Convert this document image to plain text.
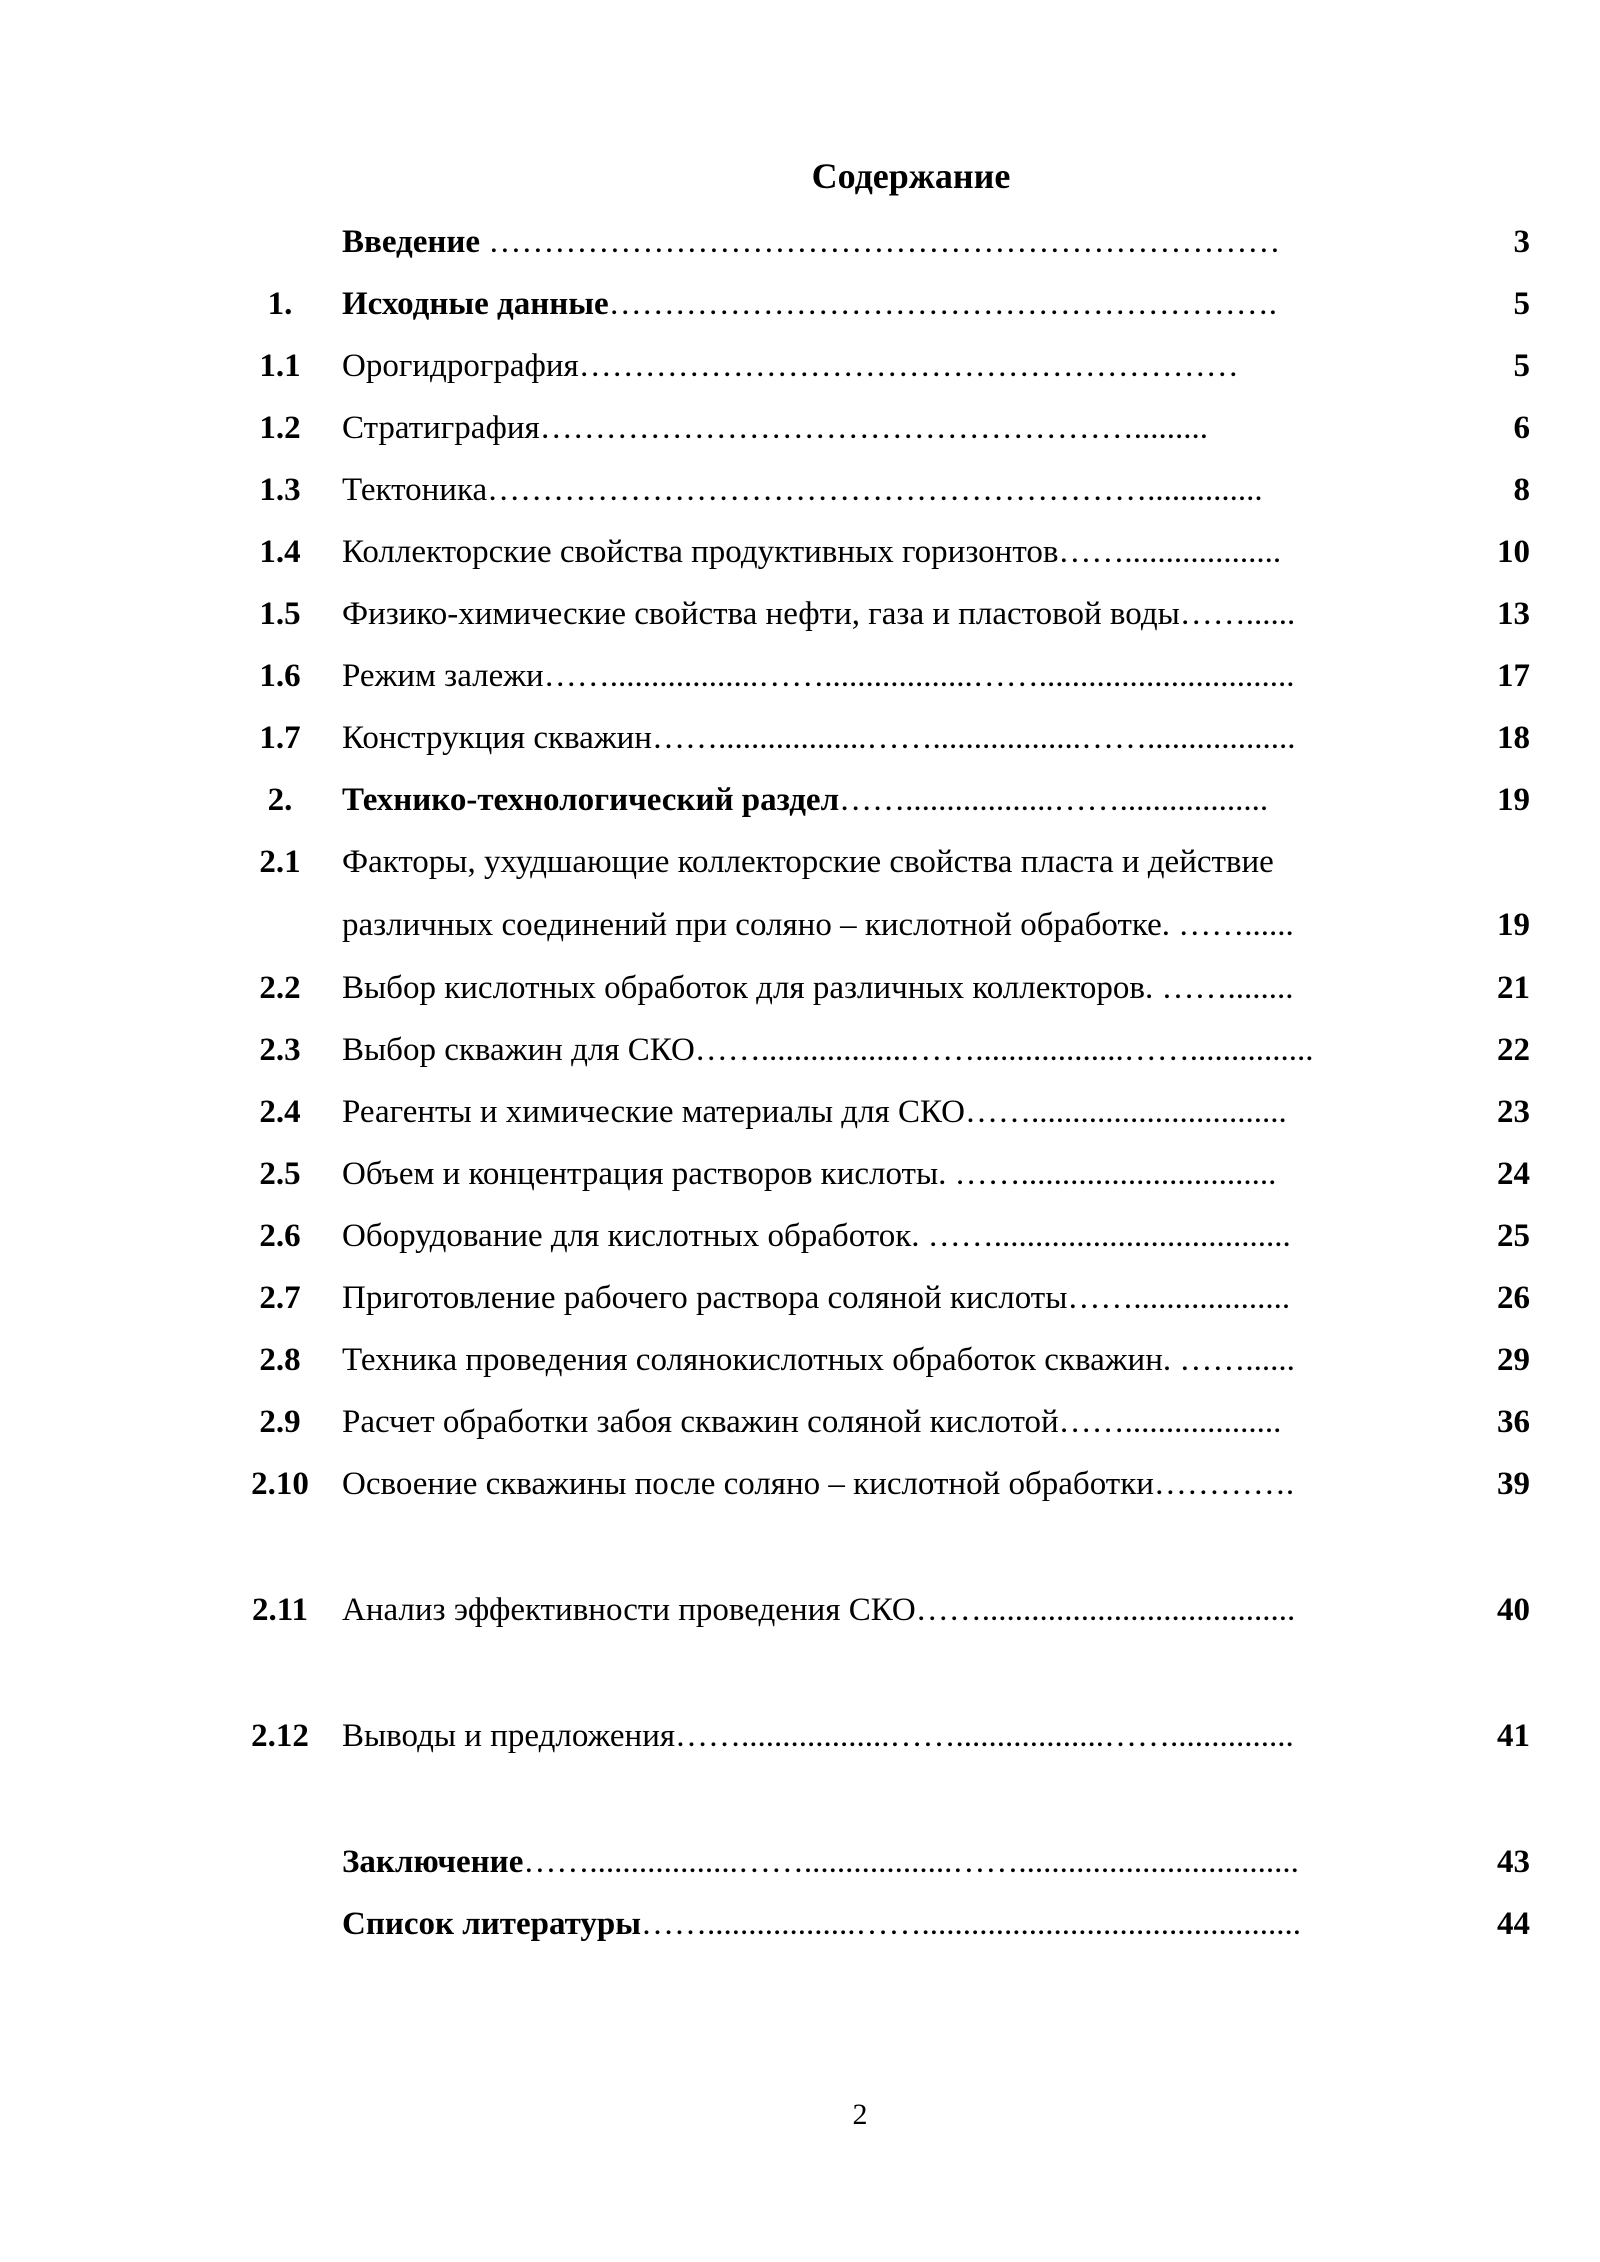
Содержание
Введение ………………………………………………………………	3
1.	Исходные данные…………………………………………………….	5
1.1	Орогидрография……………………………………………………	5
1.2	Стратиграфия……………………………………………….........	6
1.3	Тектоника……………………………………………………..............	8
1.4	Коллекторские свойства продуктивных горизонтов……...................	10
1.5	Физико-химические свойства нефти, газа и пластовой воды……......	13
1.6	Режим залежи……..................……..................……...............................	17
1.7	Конструкция скважин……..................……..................……..................	18
2.	Технико-технологический раздел……..................……..................	19
2.1	Факторы, ухудшающие коллекторские свойства пласта и действие различных соединений при соляно – кислотной обработке. ……......	19
2.2	Выбор кислотных обработок для различных коллекторов. ……........	21
2.3	Выбор скважин для СКО……..................……..................……...............	22
2.4	Реагенты и химические материалы для СКО……...............................	23
2.5	Объем и концентрация растворов кислоты. ……...............................	24
2.6	Оборудование для кислотных обработок. ……....................................	25
2.7	Приготовление рабочего раствора соляной кислоты……...................	26
2.8	Техника проведения солянокислотных обработок скважин. ……......	29
2.9	Расчет обработки забоя скважин соляной кислотой……...................	36
2.10	Освоение скважины после соляно – кислотной обработки………….	39
2.11	Анализ эффективности проведения СКО……......................................	40
2.12	Выводы и предложения……..................……..................……...............	41
Заключение……..................……..................……..................................	43
Список литературы……..................……..............................................	44
2
